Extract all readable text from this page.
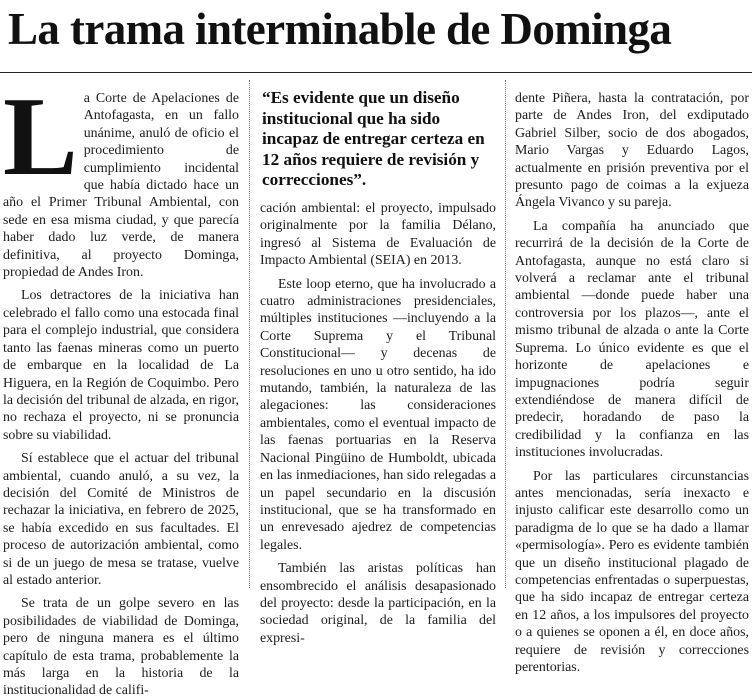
La trama interminable de Dominga

La Corte de Apelaciones de Antofagasta, en un fallo unánime, anuló de oficio el procedimiento de cumplimiento incidental que había dictado hace un año el Primer Tribunal Ambiental, con sede en esa misma ciudad, y que parecía haber dado luz verde, de manera definitiva, al proyecto Dominga, propiedad de Andes Iron.

Los detractores de la iniciativa han celebrado el fallo como una estocada final para el complejo industrial, que considera tanto las faenas mineras como un puerto de embarque en la localidad de La Higuera, en la Región de Coquimbo. Pero la decisión del tribunal de alzada, en rigor, no rechaza el proyecto, ni se pronuncia sobre su viabilidad.

Sí establece que el actuar del tribunal ambiental, cuando anuló, a su vez, la decisión del Comité de Ministros de rechazar la iniciativa, en febrero de 2025, se había excedido en sus facultades. El proceso de autorización ambiental, como si de un juego de mesa se tratase, vuelve al estado anterior.

Se trata de un golpe severo en las posibilidades de viabilidad de Dominga, pero de ninguna manera es el último capítulo de esta trama, probablemente la más larga en la historia de la institucionalidad de califi-

“Es evidente que un diseño institucional que ha sido incapaz de entregar certeza en 12 años requiere de revisión y correcciones”.

cación ambiental: el proyecto, impulsado originalmente por la familia Délano, ingresó al Sistema de Evaluación de Impacto Ambiental (SEIA) en 2013.

Este loop eterno, que ha involucrado a cuatro administraciones presidenciales, múltiples instituciones —incluyendo a la Corte Suprema y el Tribunal Constitucional— y decenas de resoluciones en uno u otro sentido, ha ido mutando, también, la naturaleza de las alegaciones: las consideraciones ambientales, como el eventual impacto de las faenas portuarias en la Reserva Nacional Pingüino de Humboldt, ubicada en las inmediaciones, han sido relegadas a un papel secundario en la discusión institucional, que se ha transformado en un enrevesado ajedrez de competencias legales.

También las aristas políticas han ensombrecido el análisis desapasionado del proyecto: desde la participación, en la sociedad original, de la familia del expresi-

dente Piñera, hasta la contratación, por parte de Andes Iron, del exdiputado Gabriel Silber, socio de dos abogados, Mario Vargas y Eduardo Lagos, actualmente en prisión preventiva por el presunto pago de coimas a la exjueza Ángela Vivanco y su pareja.

La compañía ha anunciado que recurrirá de la decisión de la Corte de Antofagasta, aunque no está claro si volverá a reclamar ante el tribunal ambiental —donde puede haber una controversia por los plazos—, ante el mismo tribunal de alzada o ante la Corte Suprema. Lo único evidente es que el horizonte de apelaciones e impugnaciones podría seguir extendiéndose de manera difícil de predecir, horadando de paso la credibilidad y la confianza en las instituciones involucradas.

Por las particulares circunstancias antes mencionadas, sería inexacto e injusto calificar este desarrollo como un paradigma de lo que se ha dado a llamar «permisología». Pero es evidente también que un diseño institucional plagado de competencias enfrentadas o superpuestas, que ha sido incapaz de entregar certeza en 12 años, a los impulsores del proyecto o a quienes se oponen a él, en doce años, requiere de revisión y correcciones perentorias.
